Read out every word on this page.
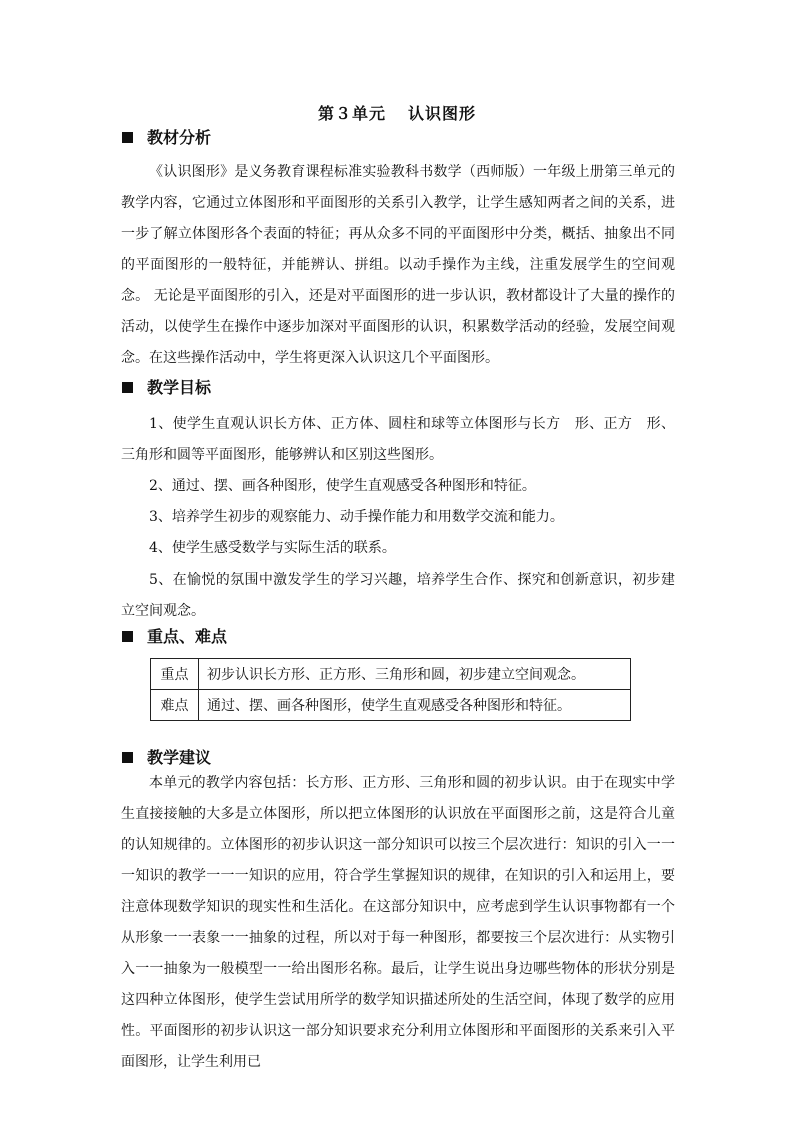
第３单元 认识图形
教材分析

《认识图形》是义务教育课程标准实验教科书数学（西师版）一年级上册第三单元的教学内容，它通过立体图形和平面图形的关系引入教学，让学生感知两者之间的关系，进一步了解立体图形各个表面的特征；再从众多不同的平面图形中分类，概括、抽象出不同的平面图形的一般特征，并能辨认、拼组。以动手操作为主线，注重发展学生的空间观念。 无论是平面图形的引入，还是对平面图形的进一步认识，教材都设计了大量的操作的活动，以使学生在操作中逐步加深对平面图形的认识，积累数学活动的经验，发展空间观念。在这些操作活动中，学生将更深入认识这几个平面图形。

教学目标

1、使学生直观认识长方体、正方体、圆柱和球等立体图形与长方　形、正方　形、三角形和圆等平面图形，能够辨认和区别这些图形。

2、通过、摆、画各种图形，使学生直观感受各种图形和特征。

3、培养学生初步的观察能力、动手操作能力和用数学交流和能力。

4、使学生感受数学与实际生活的联系。

5、在愉悦的氛围中激发学生的学习兴趣，培养学生合作、探究和创新意识，初步建立空间观念。

重点、难点
重点	初步认识长方形、正方形、三角形和圆，初步建立空间观念。
难点	通过、摆、画各种图形，使学生直观感受各种图形和特征。
教学建议

本单元的教学内容包括：长方形、正方形、三角形和圆的初步认识。由于在现实中学生直接接触的大多是立体图形，所以把立体图形的认识放在平面图形之前，这是符合儿童的认知规律的。立体图形的初步认识这一部分知识可以按三个层次进行：知识的引入一一一知识的教学一一一知识的应用，符合学生掌握知识的规律，在知识的引入和运用上，要注意体现数学知识的现实性和生活化。在这部分知识中，应考虑到学生认识事物都有一个从形象一一表象一一抽象的过程，所以对于每一种图形，都要按三个层次进行：从实物引入一一抽象为一般模型一一给出图形名称。最后，让学生说出身边哪些物体的形状分别是这四种立体图形，使学生尝试用所学的数学知识描述所处的生活空间，体现了数学的应用性。平面图形的初步认识这一部分知识要求充分利用立体图形和平面图形的关系来引入平面图形，让学生利用已
